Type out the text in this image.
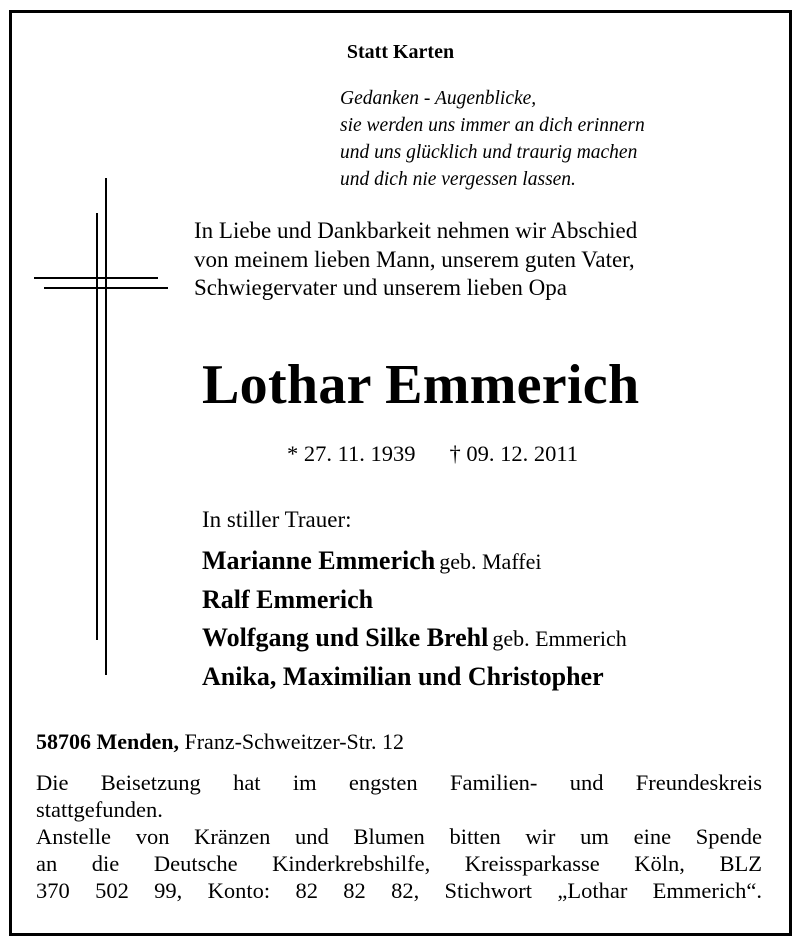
Statt Karten
Gedanken - Augenblicke,
sie werden uns immer an dich erinnern
und uns glücklich und traurig machen
und dich nie vergessen lassen.
In Liebe und Dankbarkeit nehmen wir Abschied
von meinem lieben Mann, unserem guten Vater,
Schwiegervater und unserem lieben Opa
Lothar Emmerich
* 27. 11. 1939 † 09. 12. 2011
In stiller Trauer:
Marianne Emmerich geb. Maffei
Ralf Emmerich
Wolfgang und Silke Brehl geb. Emmerich
Anika, Maximilian und Christopher
58706 Menden, Franz-Schweitzer-Str. 12
Die Beisetzung hat im engsten Familien- und Freundeskreis
stattgefunden.
Anstelle von Kränzen und Blumen bitten wir um eine Spende
an die Deutsche Kinderkrebshilfe, Kreissparkasse Köln, BLZ
370 502 99, Konto: 82 82 82, Stichwort „Lothar Emmerich“.
